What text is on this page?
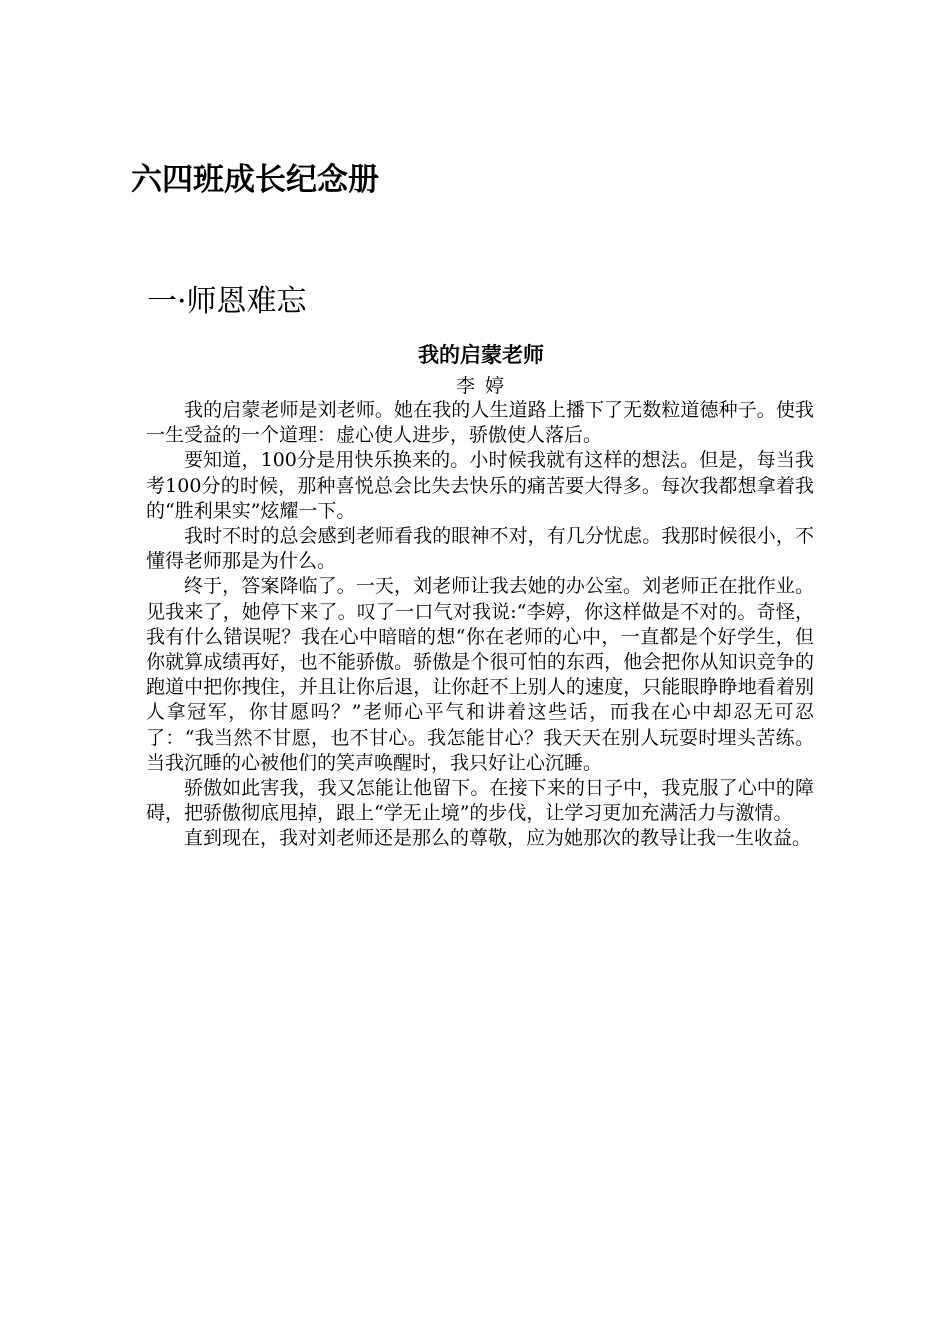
六四班成长纪念册
一·师恩难忘
我的启蒙老师
李婷

我的启蒙老师是刘老师。她在我的人生道路上播下了无数粒道德种子。使我一生受益的一个道理：虚心使人进步，骄傲使人落后。

要知道，100分是用快乐换来的。小时候我就有这样的想法。但是，每当我考100分的时候，那种喜悦总会比失去快乐的痛苦要大得多。每次我都想拿着我的“胜利果实”炫耀一下。

我时不时的总会感到老师看我的眼神不对，有几分忧虑。我那时候很小，不懂得老师那是为什么。

终于，答案降临了。一天，刘老师让我去她的办公室。刘老师正在批作业。见我来了，她停下来了。叹了一口气对我说:“李婷，你这样做是不对的。奇怪，我有什么错误呢？我在心中暗暗的想“你在老师的心中，一直都是个好学生，但你就算成绩再好，也不能骄傲。骄傲是个很可怕的东西，他会把你从知识竞争的跑道中把你拽住，并且让你后退，让你赶不上别人的速度，只能眼睁睁地看着别人拿冠军，你甘愿吗？”老师心平气和讲着这些话，而我在心中却忍无可忍了：“我当然不甘愿，也不甘心。我怎能甘心？我天天在别人玩耍时埋头苦练。当我沉睡的心被他们的笑声唤醒时，我只好让心沉睡。

骄傲如此害我，我又怎能让他留下。在接下来的日子中，我克服了心中的障碍，把骄傲彻底甩掉，跟上“学无止境”的步伐，让学习更加充满活力与激情。

直到现在，我对刘老师还是那么的尊敬，应为她那次的教导让我一生收益。
